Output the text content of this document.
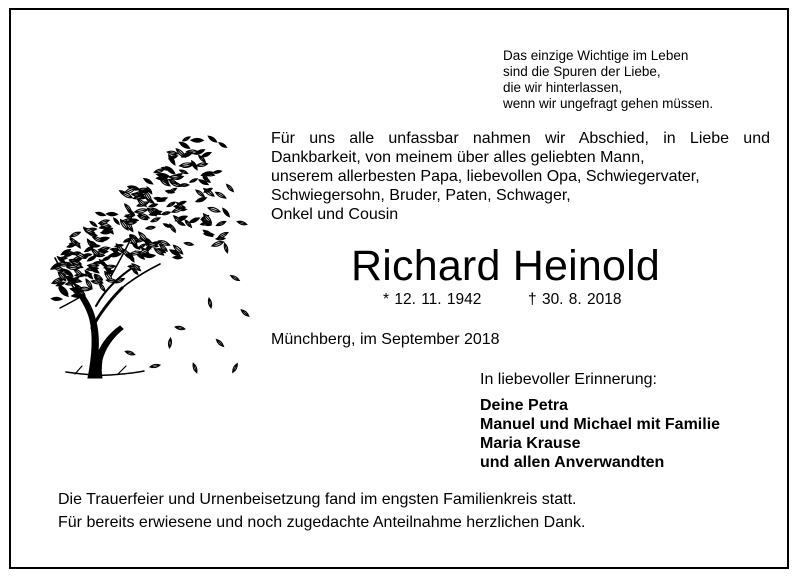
Das einzige Wichtige im Leben
sind die Spuren der Liebe,
die wir hinterlassen,
wenn wir ungefragt gehen müssen.
Für uns alle unfassbar nahmen wir Abschied, in Liebe und
Dankbarkeit, von meinem über alles geliebten Mann,
unserem allerbesten Papa, liebevollen Opa, Schwiegervater,
Schwiegersohn, Bruder, Paten, Schwager,
Onkel und Cousin
Richard Heinold
* 12. 11. 1942	† 30. 8. 2018
Münchberg, im September 2018
In liebevoller Erinnerung:
Deine Petra
Manuel und Michael mit Familie
Maria Krause
und allen Anverwandten
Die Trauerfeier und Urnenbeisetzung fand im engsten Familienkreis statt.
Für bereits erwiesene und noch zugedachte Anteilnahme herzlichen Dank.
